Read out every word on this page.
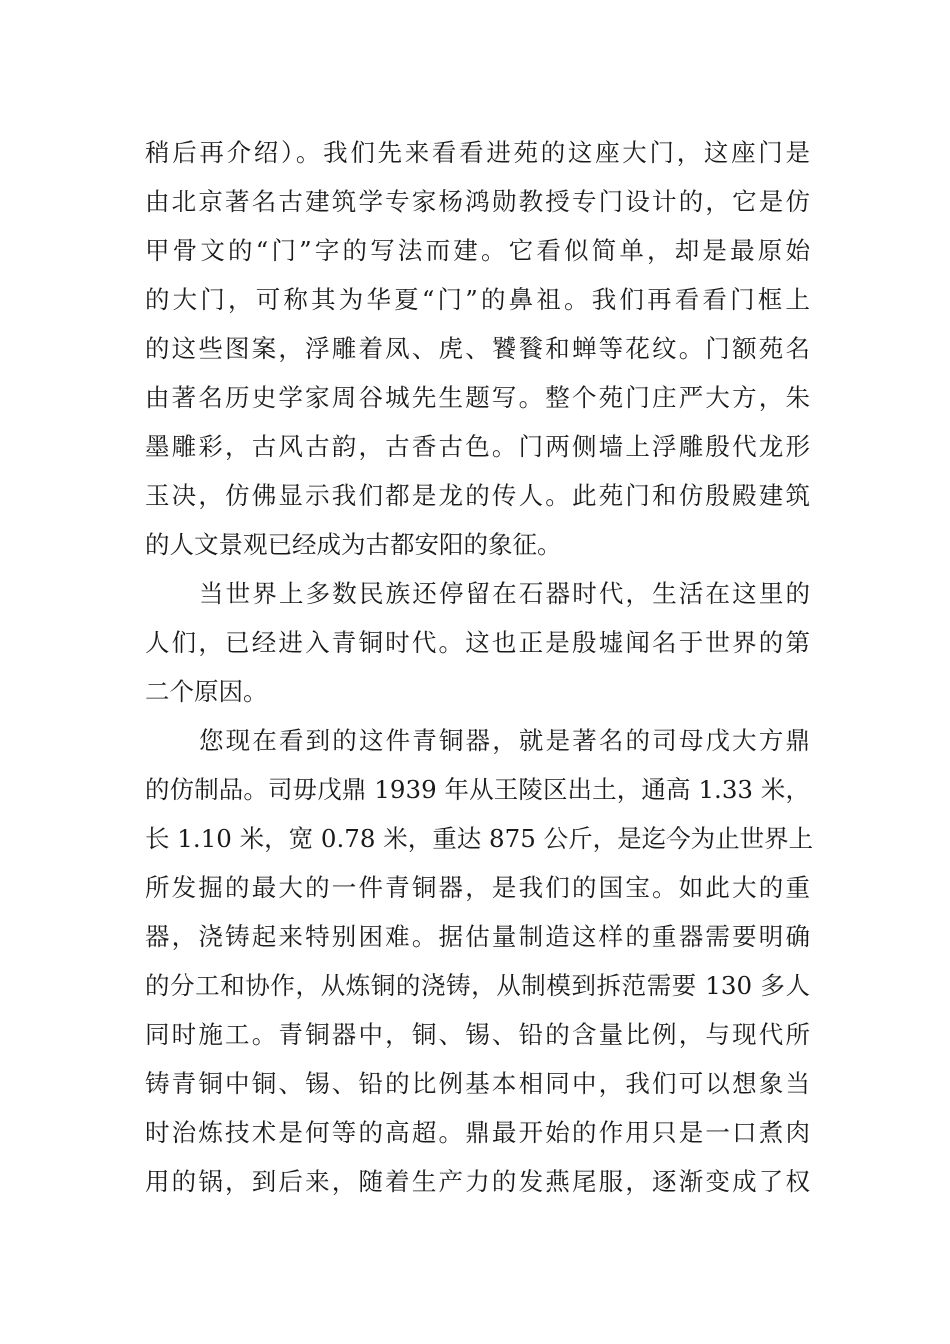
稍后再介绍）。我们先来看看进苑的这座大门，这座门是
由北京著名古建筑学专家杨鸿勋教授专门设计的，它是仿
甲骨文的“门”字的写法而建。它看似简单，却是最原始
的大门，可称其为华夏“门”的鼻祖。我们再看看门框上
的这些图案，浮雕着凤、虎、饕餮和蝉等花纹。门额苑名
由著名历史学家周谷城先生题写。整个苑门庄严大方，朱
墨雕彩，古风古韵，古香古色。门两侧墙上浮雕殷代龙形
玉决，仿佛显示我们都是龙的传人。此苑门和仿殷殿建筑
的人文景观已经成为古都安阳的象征。
当世界上多数民族还停留在石器时代，生活在这里的
人们，已经进入青铜时代。这也正是殷墟闻名于世界的第
二个原因。
您现在看到的这件青铜器，就是著名的司母戊大方鼎
的仿制品。司毋戊鼎 1939 年从王陵区出土，通高 1.33 米，
长 1.10 米，宽 0.78 米，重达 875 公斤，是迄今为止世界上
所发掘的最大的一件青铜器，是我们的国宝。如此大的重
器，浇铸起来特别困难。据估量制造这样的重器需要明确
的分工和协作，从炼铜的浇铸，从制模到拆范需要 130 多人
同时施工。青铜器中，铜、锡、铅的含量比例，与现代所
铸青铜中铜、锡、铅的比例基本相同中，我们可以想象当
时治炼技术是何等的高超。鼎最开始的作用只是一口煮肉
用的锅，到后来，随着生产力的发燕尾服，逐渐变成了权
